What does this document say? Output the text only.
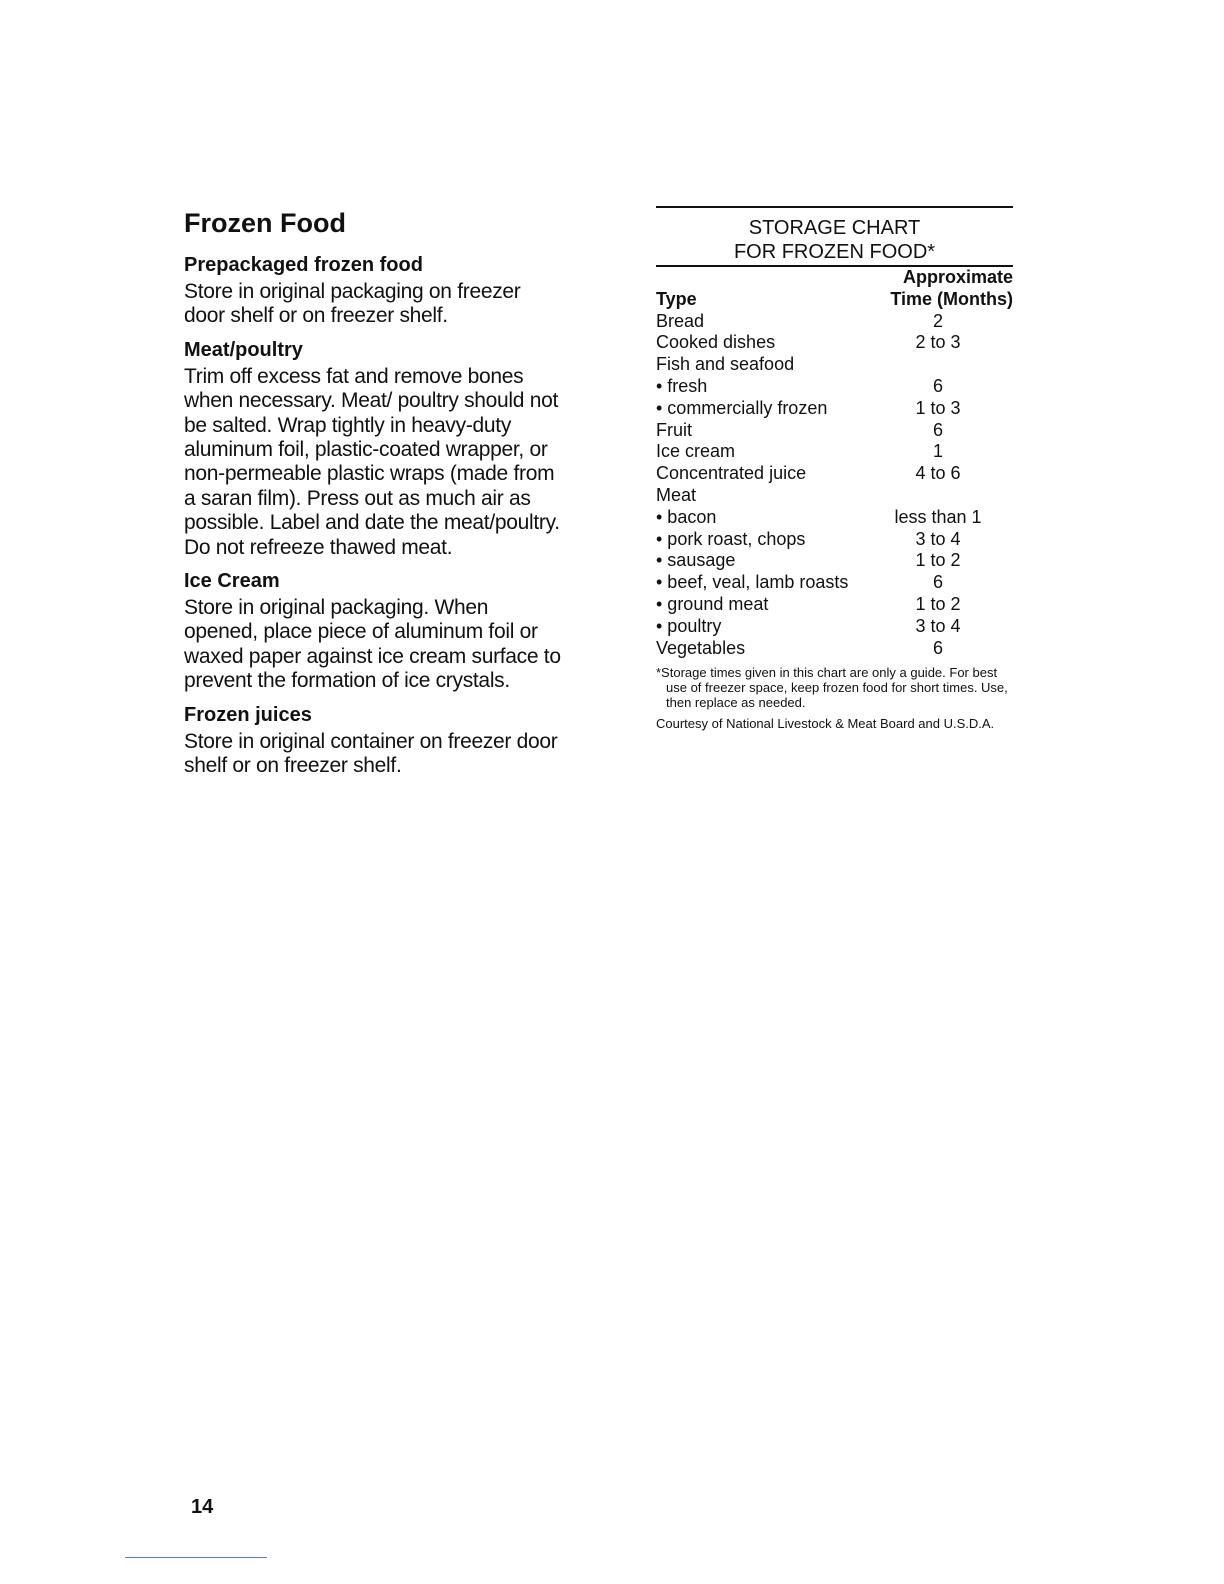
Frozen Food
Prepackaged frozen food
Store in original packaging on freezer door shelf or on freezer shelf.
Meat/poultry
Trim off excess fat and remove bones when necessary. Meat/ poultry should not be salted. Wrap tightly in heavy-duty aluminum foil, plastic-coated wrapper, or non-permeable plastic wraps (made from a saran film). Press out as much air as possible. Label and date the meat/poultry. Do not refreeze thawed meat.
Ice Cream
Store in original packaging. When opened, place piece of aluminum foil or waxed paper against ice cream surface to prevent the formation of ice crystals.
Frozen juices
Store in original container on freezer door shelf or on freezer shelf.
STORAGE CHART
FOR FROZEN FOOD*
	Approximate
Type	Time (Months)
Bread	2
Cooked dishes	2 to 3
Fish and seafood	
• fresh	6
• commercially frozen	1 to 3
Fruit	6
Ice cream	1
Concentrated juice	4 to 6
Meat	
• bacon	less than 1
• pork roast, chops	3 to 4
• sausage	1 to 2
• beef, veal, lamb roasts	6
• ground meat	1 to 2
• poultry	3 to 4
Vegetables	6
*Storage times given in this chart are only a guide. For best use of freezer space, keep frozen food for short times. Use, then replace as needed.
Courtesy of National Livestock & Meat Board and U.S.D.A.
14
